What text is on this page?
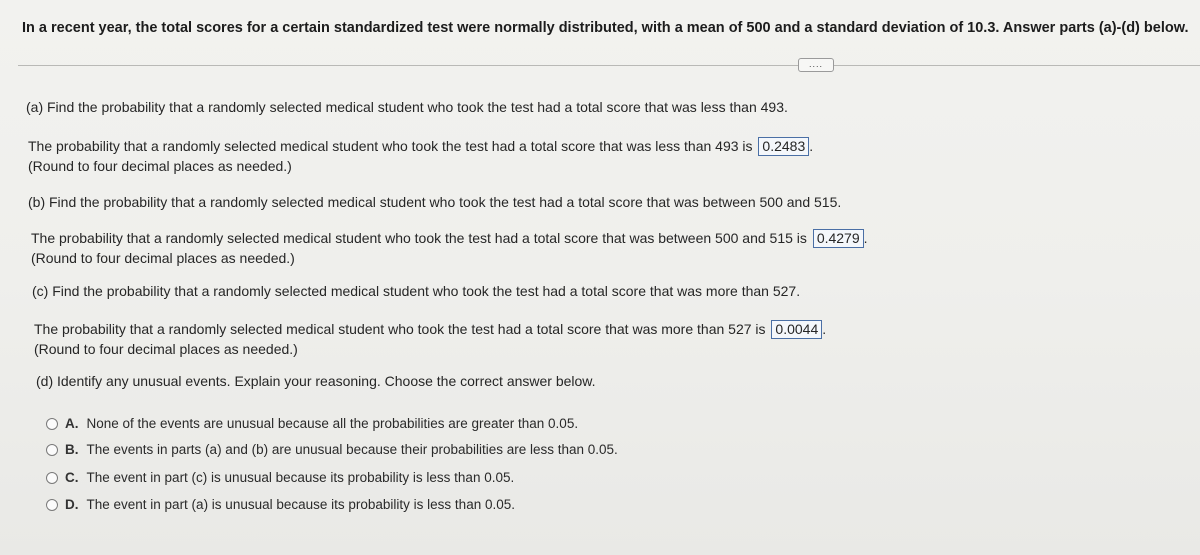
In a recent year, the total scores for a certain standardized test were normally distributed, with a mean of 500 and a standard deviation of 10.3. Answer parts (a)-(d) below.
....
(a) Find the probability that a randomly selected medical student who took the test had a total score that was less than 493.
The probability that a randomly selected medical student who took the test had a total score that was less than 493 is 0.2483 .
(Round to four decimal places as needed.)
(b) Find the probability that a randomly selected medical student who took the test had a total score that was between 500 and 515.
The probability that a randomly selected medical student who took the test had a total score that was between 500 and 515 is 0.4279 .
(Round to four decimal places as needed.)
(c) Find the probability that a randomly selected medical student who took the test had a total score that was more than 527.
The probability that a randomly selected medical student who took the test had a total score that was more than 527 is 0.0044 .
(Round to four decimal places as needed.)
(d) Identify any unusual events. Explain your reasoning. Choose the correct answer below.
A. None of the events are unusual because all the probabilities are greater than 0.05.
B. The events in parts (a) and (b) are unusual because their probabilities are less than 0.05.
C. The event in part (c) is unusual because its probability is less than 0.05.
D. The event in part (a) is unusual because its probability is less than 0.05.
